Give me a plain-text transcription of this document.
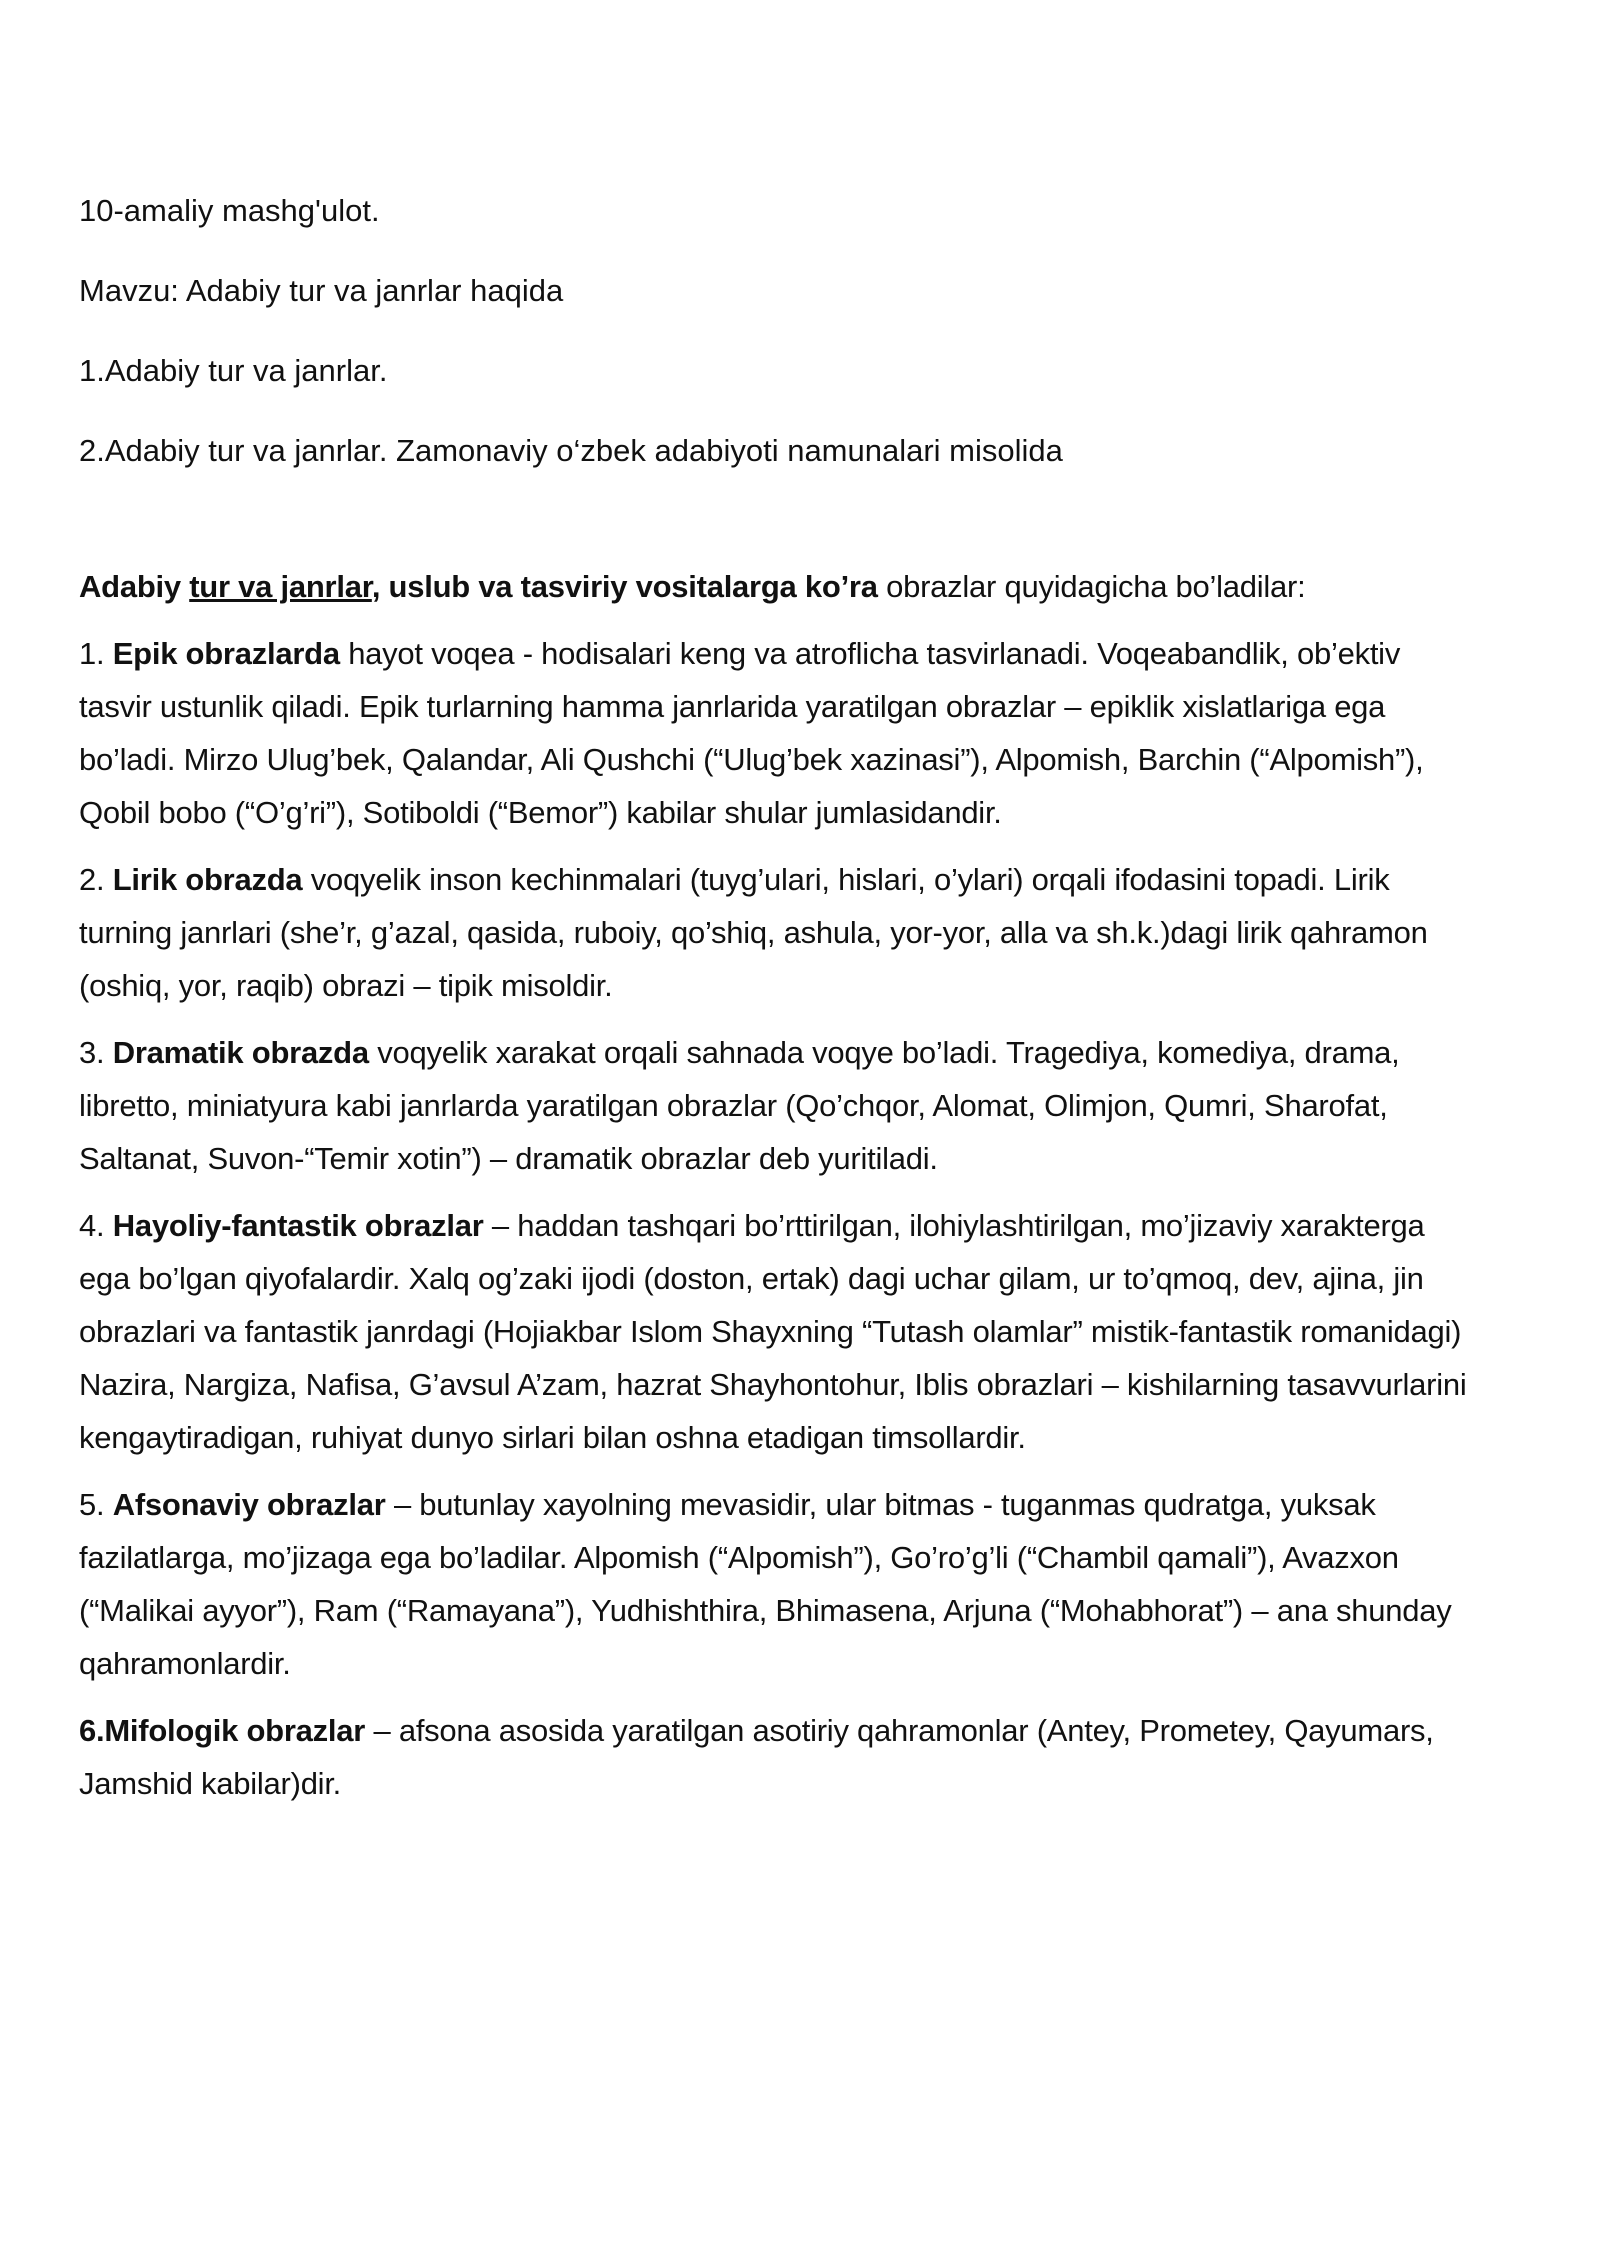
10-amaliy mashg'ulot.

Mavzu: Adabiy tur va janrlar haqida

1.Adabiy tur va janrlar.

2.Adabiy tur va janrlar. Zamonaviy o‘zbek adabiyoti namunalari misolida

Adabiy tur va janrlar, uslub va tasviriy vositalarga ko’ra obrazlar quyidagicha bo’ladilar:

1. Epik obrazlarda hayot voqea - hodisalari keng va atroflicha tasvirlanadi. Voqeabandlik, ob’ektiv tasvir ustunlik qiladi. Epik turlarning hamma janrlarida yaratilgan obrazlar – epiklik xislatlariga ega bo’ladi. Mirzo Ulug’bek, Qalandar, Ali Qushchi (“Ulug’bek xazinasi”), Alpomish, Barchin (“Alpomish”), Qobil bobo (“O’g’ri”), Sotiboldi (“Bemor”) kabilar shular jumlasidandir.

2. Lirik obrazda voqyelik inson kechinmalari (tuyg’ulari, hislari, o’ylari) orqali ifodasini topadi. Lirik turning janrlari (she’r, g’azal, qasida, ruboiy, qo’shiq, ashula, yor-yor, alla va sh.k.)dagi lirik qahramon (oshiq, yor, raqib) obrazi – tipik misoldir.

3. Dramatik obrazda voqyelik xarakat orqali sahnada voqye bo’ladi. Tragediya, komediya, drama, libretto, miniatyura kabi janrlarda yaratilgan obrazlar (Qo’chqor, Alomat, Olimjon, Qumri, Sharofat, Saltanat, Suvon-“Temir xotin”) – dramatik obrazlar deb yuritiladi.

4. Hayoliy-fantastik obrazlar – haddan tashqari bo’rttirilgan, ilohiylashtirilgan, mo’jizaviy xarakterga ega bo’lgan qiyofalardir. Xalq og’zaki ijodi (doston, ertak) dagi uchar gilam, ur to’qmoq, dev, ajina, jin obrazlari va fantastik janrdagi (Hojiakbar Islom Shayxning “Tutash olamlar” mistik-fantastik romanidagi) Nazira, Nargiza, Nafisa, G’avsul A’zam, hazrat Shayhontohur, Iblis obrazlari – kishilarning tasavvurlarini kengaytiradigan, ruhiyat dunyo sirlari bilan oshna etadigan timsollardir.

5. Afsonaviy obrazlar – butunlay xayolning mevasidir, ular bitmas - tuganmas qudratga, yuksak fazilatlarga, mo’jizaga ega bo’ladilar. Alpomish (“Alpomish”), Go’ro’g’li (“Chambil qamali”), Avazxon (“Malikai ayyor”), Ram (“Ramayana”), Yudhishthira, Bhimasena, Arjuna (“Mohabhorat”) – ana shunday qahramonlardir.

6.Mifologik obrazlar – afsona asosida yaratilgan asotiriy qahramonlar (Antey, Prometey, Qayumars, Jamshid kabilar)dir.
